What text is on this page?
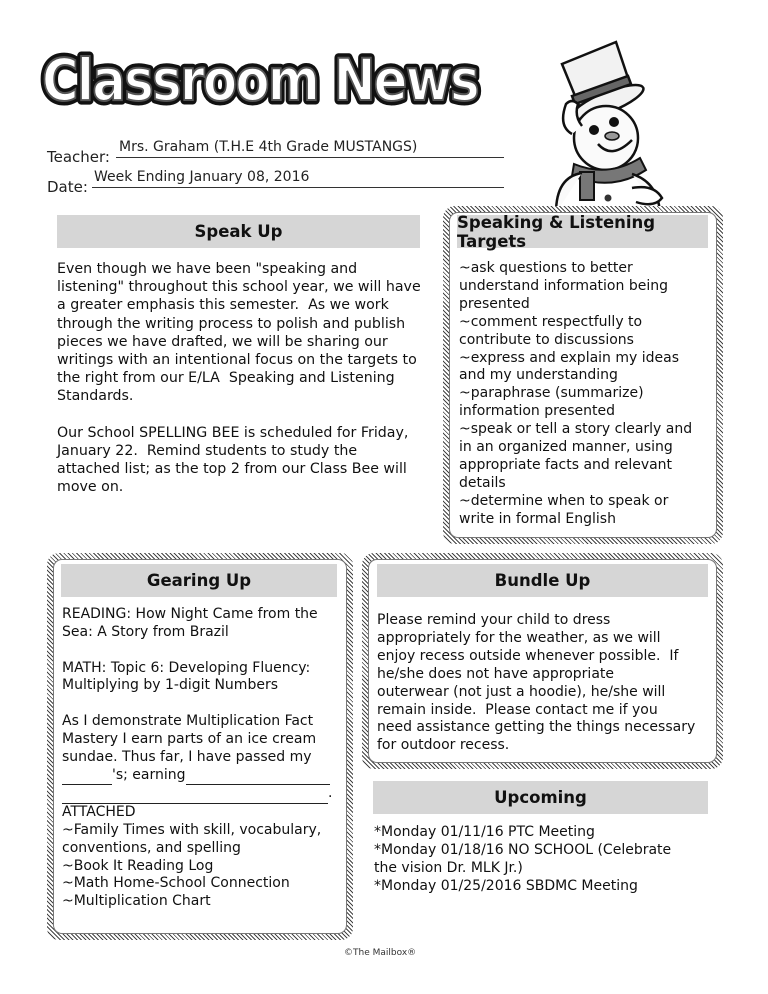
Classroom News
Classroom News
Teacher:
Mrs. Graham (T.H.E 4th Grade MUSTANGS)
Date:
Week Ending January 08, 2016
Speak Up
Even though we have been "speaking and
listening" throughout this school year, we will have
a greater emphasis this semester.  As we work
through the writing process to polish and publish
pieces we have drafted, we will be sharing our
writings with an intentional focus on the targets to
the right from our E/LA  Speaking and Listening
Standards.
Our School SPELLING BEE is scheduled for Friday,
January 22.  Remind students to study the
attached list; as the top 2 from our Class Bee will
move on.
Speaking & Listening Targets
~ask questions to better
understand information being
presented
~comment respectfully to
contribute to discussions
~express and explain my ideas
and my understanding
~paraphrase (summarize)
information presented
~speak or tell a story clearly and
in an organized manner, using
appropriate facts and relevant
details
~determine when to speak or
write in formal English
Gearing Up
READING: How Night Came from the
Sea: A Story from Brazil
MATH: Topic 6: Developing Fluency:
Multiplying by 1-digit Numbers
As I demonstrate Multiplication Fact
Mastery I earn parts of an ice cream
sundae. Thus far, I have passed my
's; earning
.
ATTACHED
~Family Times with skill, vocabulary,
conventions, and spelling
~Book It Reading Log
~Math Home-School Connection
~Multiplication Chart
Bundle Up
Please remind your child to dress
appropriately for the weather, as we will
enjoy recess outside whenever possible.  If
he/she does not have appropriate
outerwear (not just a hoodie), he/she will
remain inside.  Please contact me if you
need assistance getting the things necessary
for outdoor recess.
Upcoming
*Monday 01/11/16 PTC Meeting
*Monday 01/18/16 NO SCHOOL (Celebrate
the vision Dr. MLK Jr.)
*Monday 01/25/2016 SBDMC Meeting
©The Mailbox®
